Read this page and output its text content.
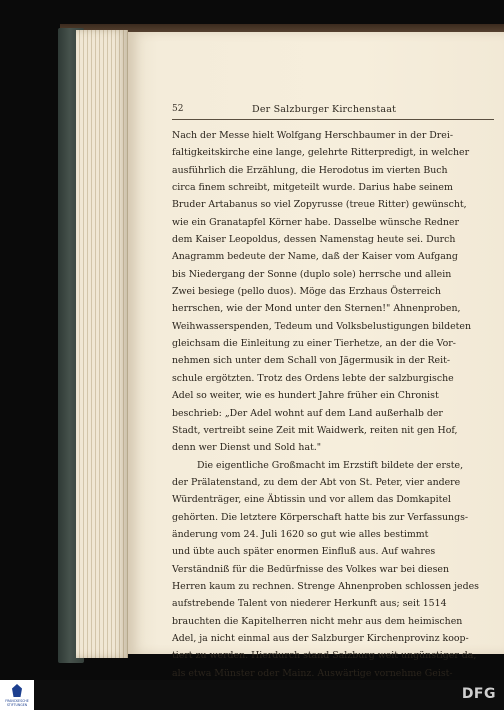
52	Der Salzburger Kirchenstaat
Nach der Messe hielt Wolfgang Herschbaumer in der Drei-
faltigkeitskirche eine lange, gelehrte Ritterpredigt, in welcher
ausführlich die Erzählung, die Herodotus im vierten Buch
circa finem schreibt, mitgeteilt wurde. Darius habe seinem
Bruder Artabanus so viel Zopyrusse (treue Ritter) gewünscht,
wie ein Granatapfel Körner habe. Dasselbe wünsche Redner
dem Kaiser Leopoldus, dessen Namenstag heute sei. Durch
Anagramm bedeute der Name, daß der Kaiser vom Aufgang
bis Niedergang der Sonne (duplo sole) herrsche und allein
Zwei besiege (pello duos). Möge das Erzhaus Österreich
herrschen, wie der Mond unter den Sternen!" Ahnenproben,
Weihwasserspenden, Tedeum und Volksbelustigungen bildeten
gleichsam die Einleitung zu einer Tierhetze, an der die Vor-
nehmen sich unter dem Schall von Jägermusik in der Reit-
schule ergötzten. Trotz des Ordens lebte der salzburgische
Adel so weiter, wie es hundert Jahre früher ein Chronist
beschrieb: „Der Adel wohnt auf dem Land außerhalb der
Stadt, vertreibt seine Zeit mit Waidwerk, reiten nit gen Hof,
denn wer Dienst und Sold hat."
Die eigentliche Großmacht im Erzstift bildete der erste,
der Prälatenstand, zu dem der Abt von St. Peter, vier andere
Würdenträger, eine Äbtissin und vor allem das Domkapitel
gehörten. Die letztere Körperschaft hatte bis zur Verfassungs-
änderung vom 24. Juli 1620 so gut wie alles bestimmt
und übte auch später enormen Einfluß aus. Auf wahres
Verständniß für die Bedürfnisse des Volkes war bei diesen
Herren kaum zu rechnen. Strenge Ahnenproben schlossen jedes
aufstrebende Talent von niederer Herkunft aus; seit 1514
brauchten die Kapitelherren nicht mehr aus dem heimischen
Adel, ja nicht einmal aus der Salzburger Kirchenprovinz koop-
tiert zu werden. Hierdurch stand Salzburg weit ungünstiger da,
als etwa Münster oder Mainz. Auswärtige vornehme Geist-
FRANCKESCHE STIFTUNGEN
DFG
